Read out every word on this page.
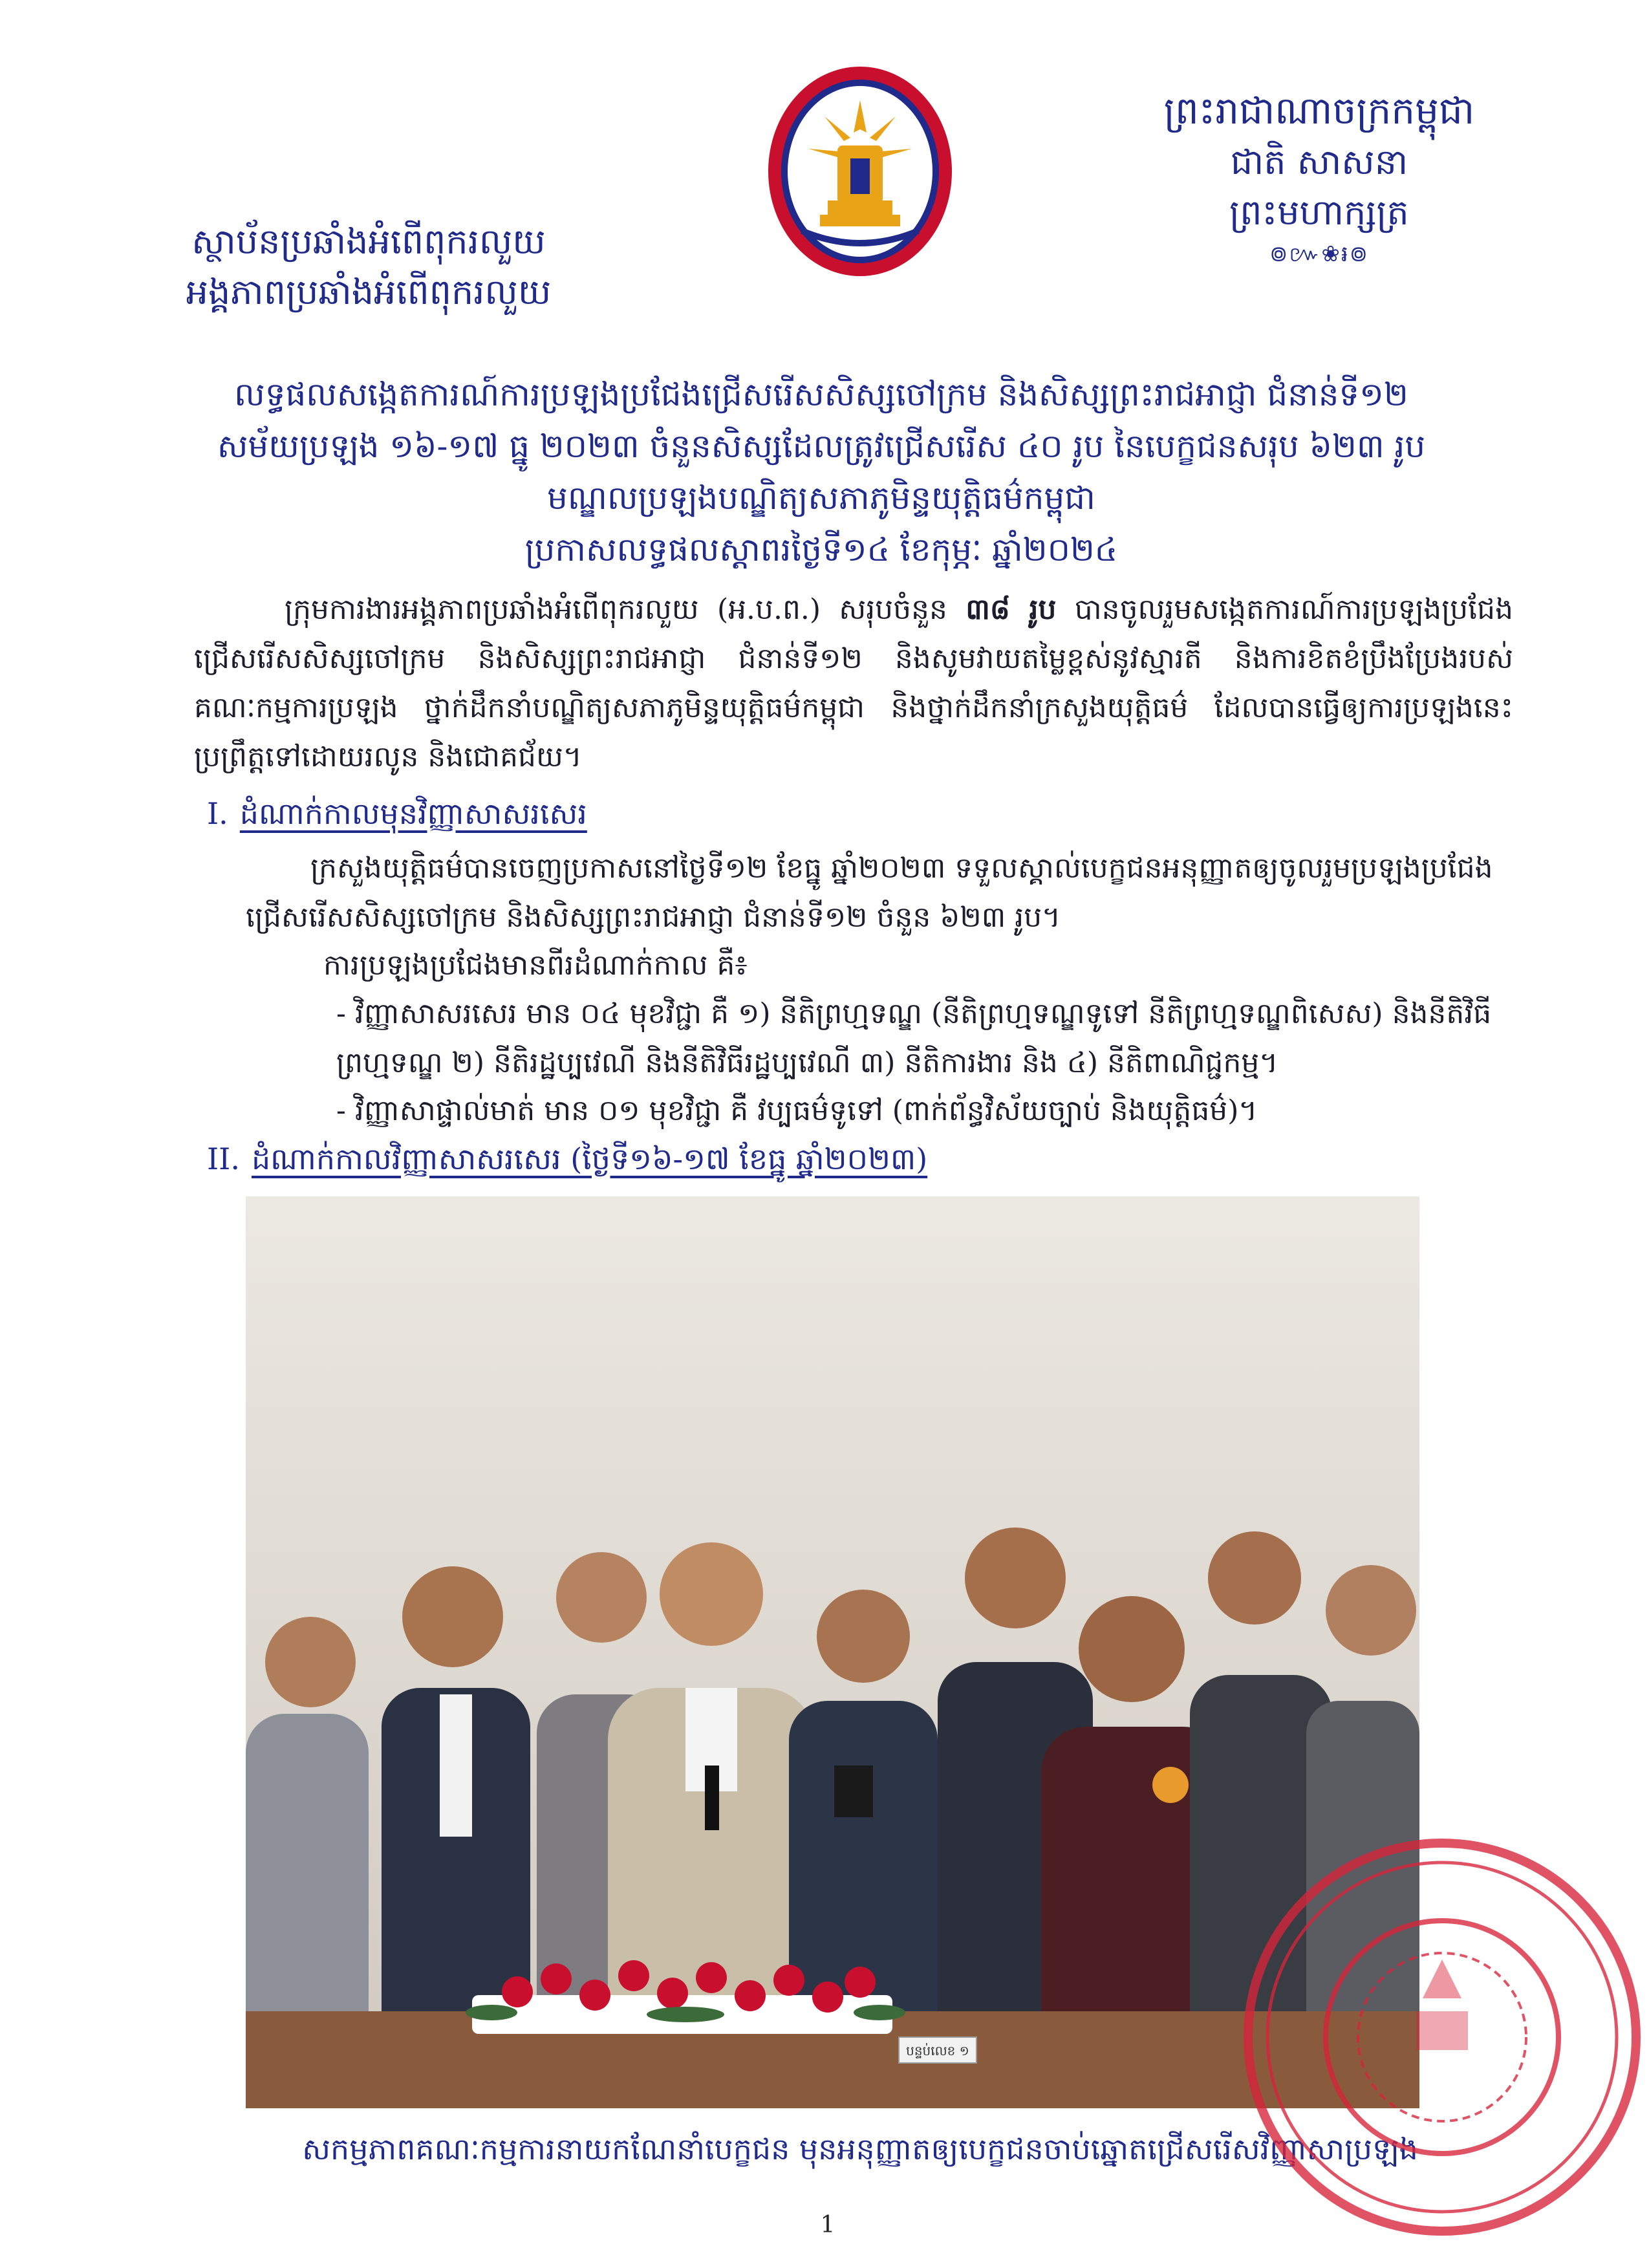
ព្រះរាជាណាចក្រកម្ពុជា
ជាតិ សាសនា ព្រះមហាក្សត្រ
៙៚❀៛៙
ស្ថាប័នប្រឆាំងអំពើពុករលួយ
អង្គភាពប្រឆាំងអំពើពុករលួយ
លទ្ធផលសង្កេតការណ៍ការប្រឡងប្រជែងជ្រើសរើសសិស្សចៅក្រម និងសិស្សព្រះរាជអាជ្ញា ជំនាន់ទី១២
សម័យប្រឡង ១៦-១៧ ធ្នូ ២០២៣ ចំនួនសិស្សដែលត្រូវជ្រើសរើស ៤០ រូប នៃបេក្ខជនសរុប ៦២៣ រូប
មណ្ឌលប្រឡងបណ្ឌិត្យសភាភូមិន្ទយុត្តិធម៌កម្ពុជា
ប្រកាសលទ្ធផលស្ដាពរថ្ងៃទី១៤ ខែកុម្ភៈ ឆ្នាំ២០២៤
ក្រុមការងារអង្គភាពប្រឆាំងអំពើពុករលួយ (អ.ប.ព.) សរុបចំនួន ៣៨ រូប បានចូលរួមសង្កេតការណ៍ការប្រឡងប្រជែងជ្រើសរើសសិស្សចៅក្រម និងសិស្សព្រះរាជអាជ្ញា ជំនាន់ទី១២ និងសូមវាយតម្លៃខ្ពស់នូវស្មារតី និងការខិតខំប្រឹងប្រែងរបស់គណៈកម្មការប្រឡង ថ្នាក់ដឹកនាំបណ្ឌិត្យសភាភូមិន្ទយុត្តិធម៌កម្ពុជា និងថ្នាក់ដឹកនាំក្រសួងយុត្តិធម៌ ដែលបានធ្វើឲ្យការប្រឡងនេះប្រព្រឹត្តទៅដោយរលូន និងជោគជ័យ។
I. ដំណាក់កាលមុនវិញ្ញាសាសរសេរ
ក្រសួងយុត្តិធម៌បានចេញប្រកាសនៅថ្ងៃទី១២ ខែធ្នូ ឆ្នាំ២០២៣ ទទួលស្គាល់បេក្ខជនអនុញ្ញាតឲ្យចូលរួមប្រឡងប្រជែងជ្រើសរើសសិស្សចៅក្រម និងសិស្សព្រះរាជអាជ្ញា ជំនាន់ទី១២ ចំនួន ៦២៣ រូប។
ការប្រឡងប្រជែងមានពីរដំណាក់កាល គឺ៖
- វិញ្ញាសាសរសេរ មាន ០៤ មុខវិជ្ជា គឺ ១) នីតិព្រហ្មទណ្ឌ (នីតិព្រហ្មទណ្ឌទូទៅ នីតិព្រហ្មទណ្ឌពិសេស) និងនីតិវិធីព្រហ្មទណ្ឌ ២) នីតិរដ្ឋប្បវេណី និងនីតិវិធីរដ្ឋប្បវេណី ៣) នីតិការងារ និង ៤) នីតិពាណិជ្ជកម្ម។
- វិញ្ញាសាផ្ទាល់មាត់ មាន ០១ មុខវិជ្ជា គឺ វប្បធម៌ទូទៅ (ពាក់ព័ន្ធវិស័យច្បាប់ និងយុត្តិធម៌)។
II. ដំណាក់កាលវិញ្ញាសាសរសេរ (ថ្ងៃទី១៦-១៧ ខែធ្នូ ឆ្នាំ២០២៣)
បន្ទប់លេខ ១
សកម្មភាពគណៈកម្មការនាយកណែនាំបេក្ខជន មុនអនុញ្ញាតឲ្យបេក្ខជនចាប់ឆ្នោតជ្រើសរើសវិញ្ញាសាប្រឡង
1
